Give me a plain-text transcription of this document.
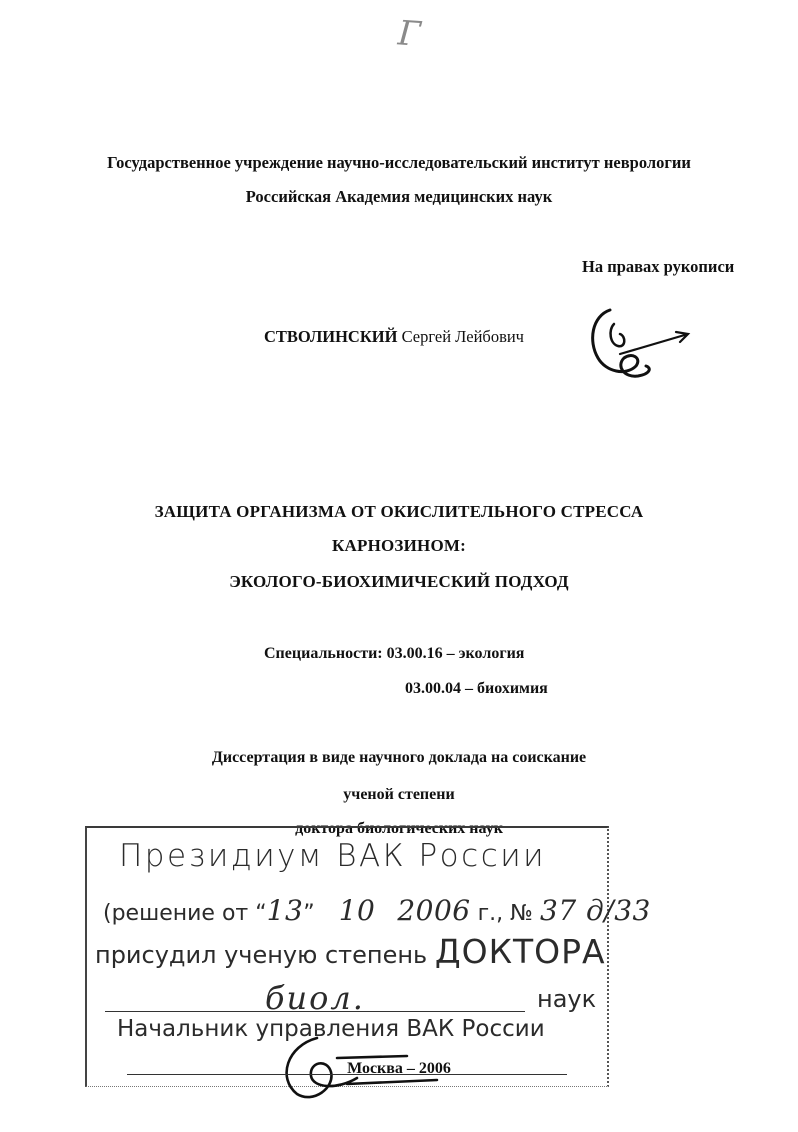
Г
Государственное учреждение научно-исследовательский институт неврологии
Российская Академия медицинских наук
На правах рукописи
СТВОЛИНСКИЙ Сергей Лейбович
ЗАЩИТА ОРГАНИЗМА ОТ ОКИСЛИТЕЛЬНОГО СТРЕССА
КАРНОЗИНОМ:
ЭКОЛОГО-БИОХИМИЧЕСКИЙ ПОДХОД
Специальности: 03.00.16 – экология
03.00.04 – биохимия
Диссертация в виде научного доклада на соискание
ученой степени
доктора биологических наук
Президиум ВАК России
(решение от “13” 10 2006 г., № 37 д/33
присудил ученую степень ДОКТОРА
биол.	наук
Начальник управления ВАК России
Москва – 2006
